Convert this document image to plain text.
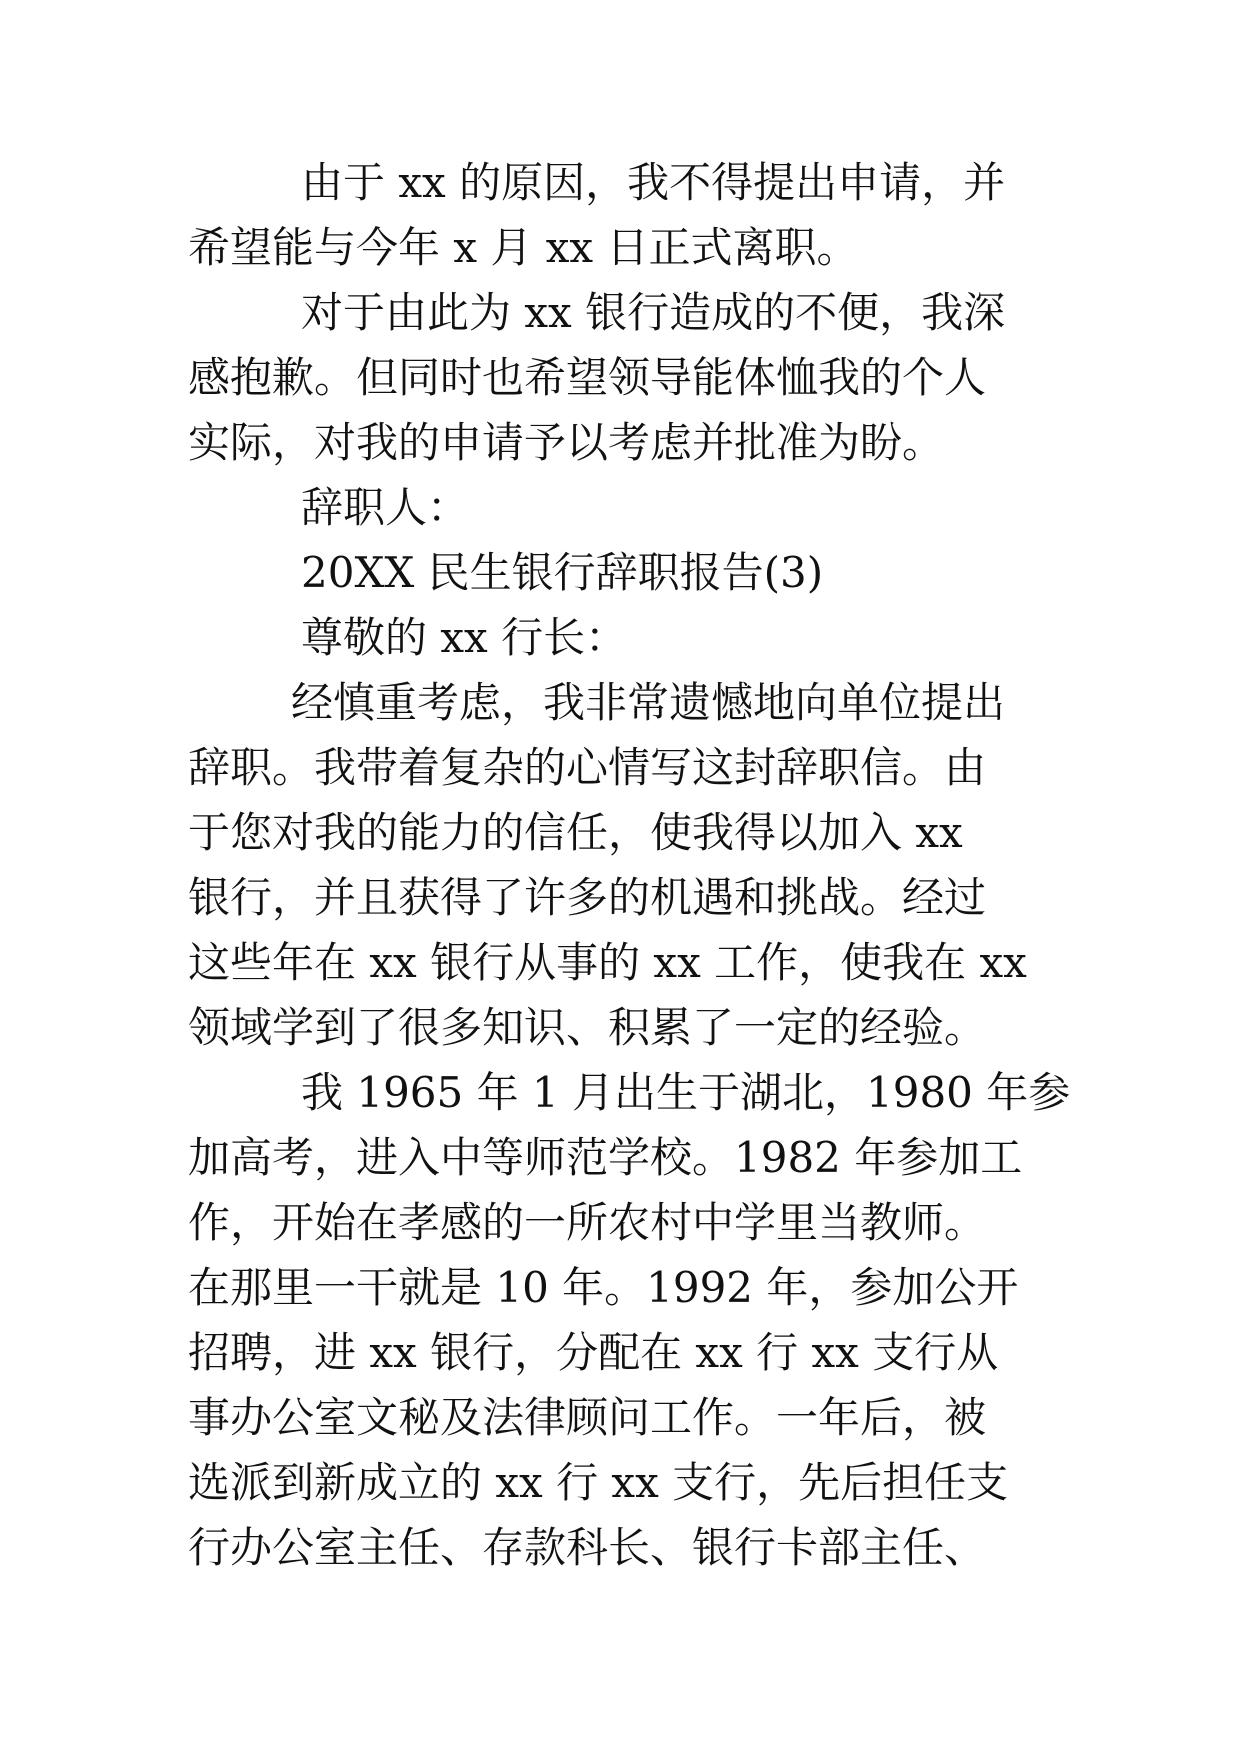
由于 xx 的原因，我不得提出申请，并
希望能与今年 x 月 xx 日正式离职。
对于由此为 xx 银行造成的不便，我深
感抱歉。但同时也希望领导能体恤我的个人
实际，对我的申请予以考虑并批准为盼。
辞职人：
20XX 民生银行辞职报告(3)
尊敬的 xx 行长：
经慎重考虑，我非常遗憾地向单位提出
辞职。我带着复杂的心情写这封辞职信。由
于您对我的能力的信任，使我得以加入 xx
银行，并且获得了许多的机遇和挑战。经过
这些年在 xx 银行从事的 xx 工作，使我在 xx
领域学到了很多知识、积累了一定的经验。
我 1965 年 1 月出生于湖北，1980 年参
加高考，进入中等师范学校。1982 年参加工
作，开始在孝感的一所农村中学里当教师。
在那里一干就是 10 年。1992 年，参加公开
招聘，进 xx 银行，分配在 xx 行 xx 支行从
事办公室文秘及法律顾问工作。一年后，被
选派到新成立的 xx 行 xx 支行，先后担任支
行办公室主任、存款科长、银行卡部主任、
